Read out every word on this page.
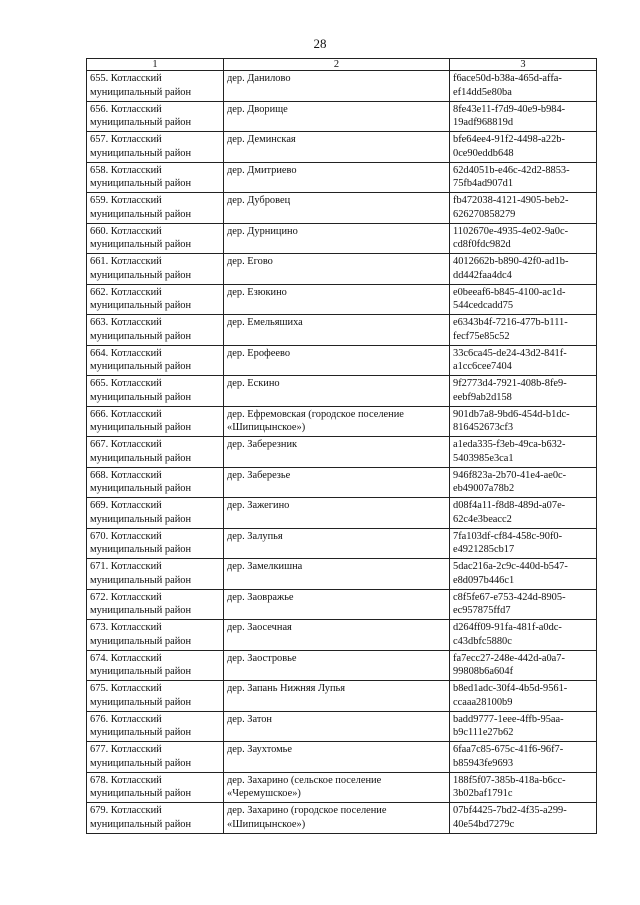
28
1	2	3
655. Котласский муниципальный район	дер. Данилово	f6ace50d-b38a-465d-affa-ef14dd5e80ba
656. Котласский муниципальный район	дер. Дворище	8fe43e11-f7d9-40e9-b984-19adf968819d
657. Котласский муниципальный район	дер. Деминская	bfe64ee4-91f2-4498-a22b-0ce90eddb648
658. Котласский муниципальный район	дер. Дмитриево	62d4051b-e46c-42d2-8853-75fb4ad907d1
659. Котласский муниципальный район	дер. Дубровец	fb472038-4121-4905-beb2-626270858279
660. Котласский муниципальный район	дер. Дурницино	1102670e-4935-4e02-9a0c-cd8f0fdc982d
661. Котласский муниципальный район	дер. Егово	4012662b-b890-42f0-ad1b-dd442faa4dc4
662. Котласский муниципальный район	дер. Езюкино	e0beeaf6-b845-4100-ac1d-544cedcadd75
663. Котласский муниципальный район	дер. Емельяшиха	e6343b4f-7216-477b-b111-fecf75e85c52
664. Котласский муниципальный район	дер. Ерофеево	33c6ca45-de24-43d2-841f-a1cc6cee7404
665. Котласский муниципальный район	дер. Ескино	9f2773d4-7921-408b-8fe9-eebf9ab2d158
666. Котласский муниципальный район	дер. Ефремовская (городское поселение «Шипицынское»)	901db7a8-9bd6-454d-b1dc-816452673cf3
667. Котласский муниципальный район	дер. Заберезник	a1eda335-f3eb-49ca-b632-5403985e3ca1
668. Котласский муниципальный район	дер. Заберезье	946f823a-2b70-41e4-ae0c-eb49007a78b2
669. Котласский муниципальный район	дер. Зажегино	d08f4a11-f8d8-489d-a07e-62c4e3beacc2
670. Котласский муниципальный район	дер. Залупья	7fa103df-cf84-458c-90f0-e4921285cb17
671. Котласский муниципальный район	дер. Замелкишна	5dac216a-2c9c-440d-b547-e8d097b446c1
672. Котласский муниципальный район	дер. Заовражье	c8f5fe67-e753-424d-8905-ec957875ffd7
673. Котласский муниципальный район	дер. Заосечная	d264ff09-91fa-481f-a0dc-c43dbfc5880c
674. Котласский муниципальный район	дер. Заостровье	fa7ecc27-248e-442d-a0a7-99808b6a604f
675. Котласский муниципальный район	дер. Запань Нижняя Лупья	b8ed1adc-30f4-4b5d-9561-ccaaa28100b9
676. Котласский муниципальный район	дер. Затон	badd9777-1eee-4ffb-95aa-b9c111e27b62
677. Котласский муниципальный район	дер. Заухтомье	6faa7c85-675c-41f6-96f7-b85943fe9693
678. Котласский муниципальный район	дер. Захарино (сельское поселение «Черемушское»)	188f5f07-385b-418a-b6cc-3b02baf1791c
679. Котласский муниципальный район	дер. Захарино (городское поселение «Шипицынское»)	07bf4425-7bd2-4f35-a299-40e54bd7279c
